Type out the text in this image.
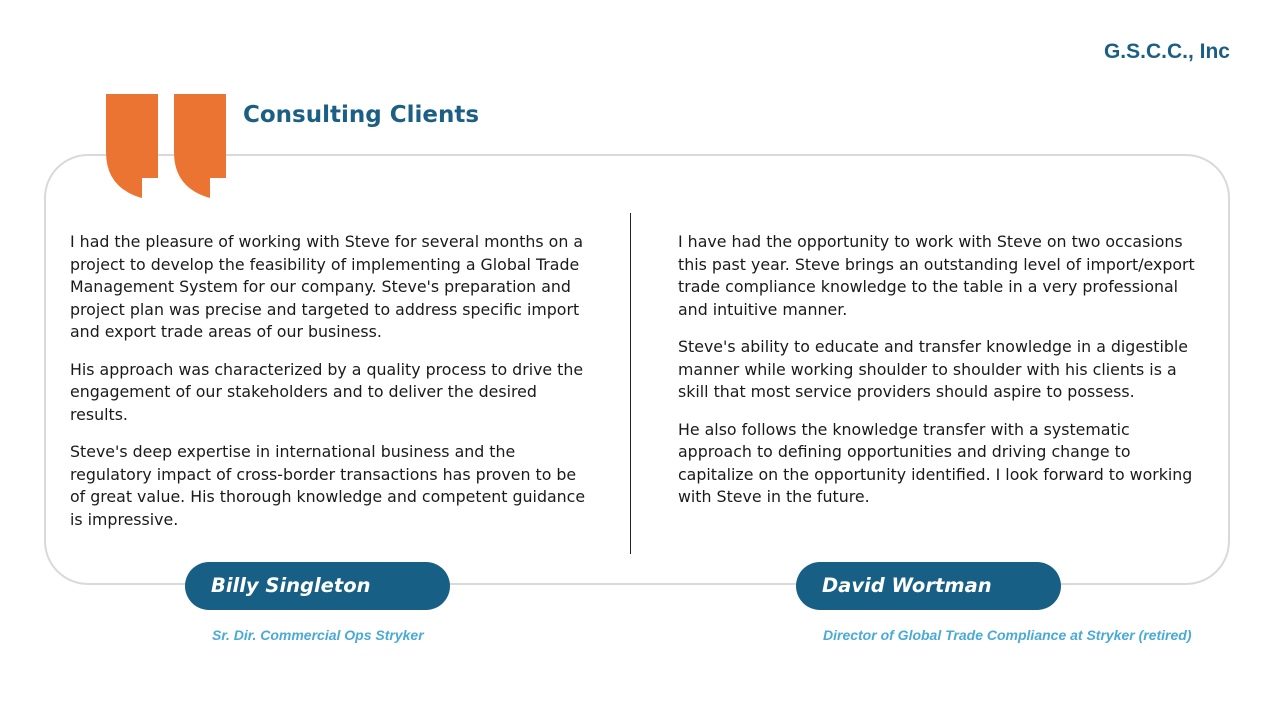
G.S.C.C., Inc
Consulting Clients

I had the pleasure of working with Steve for several months on a project to develop the feasibility of implementing a Global Trade Management System for our company. Steve's preparation and project plan was precise and targeted to address specific import and export trade areas of our business.

His approach was characterized by a quality process to drive the engagement of our stakeholders and to deliver the desired results.

Steve's deep expertise in international business and the regulatory impact of cross-border transactions has proven to be of great value. His thorough knowledge and competent guidance is impressive.

I have had the opportunity to work with Steve on two occasions this past year. Steve brings an outstanding level of import/export trade compliance knowledge to the table in a very professional and intuitive manner.

Steve's ability to educate and transfer knowledge in a digestible manner while working shoulder to shoulder with his clients is a skill that most service providers should aspire to possess.

He also follows the knowledge transfer with a systematic approach to defining opportunities and driving change to capitalize on the opportunity identified. I look forward to working with Steve in the future.

Billy Singleton	David Wortman
Sr. Dir. Commercial Ops Stryker	Director of Global Trade Compliance at Stryker (retired)
